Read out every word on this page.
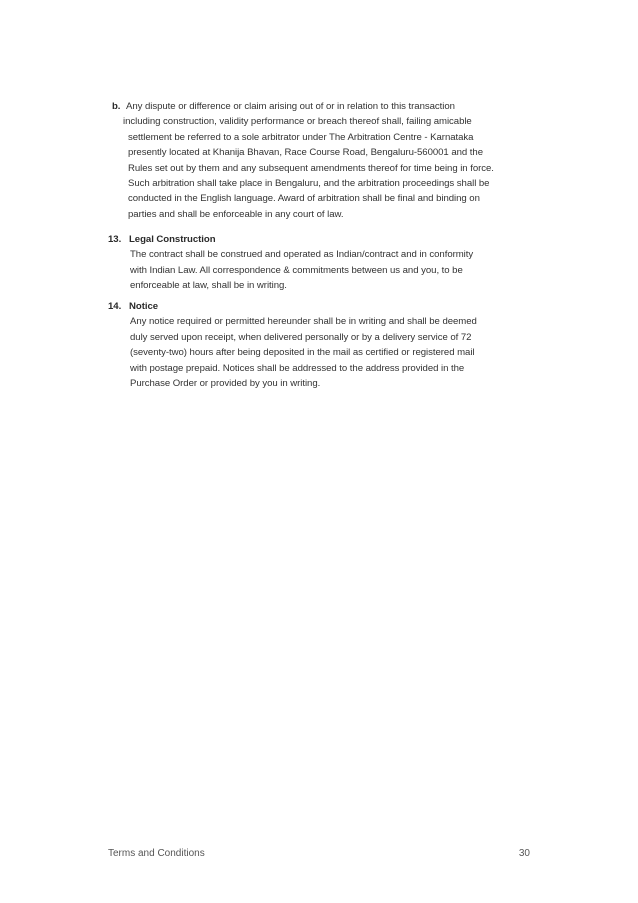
b. Any dispute or difference or claim arising out of or in relation to this transaction
including construction, validity performance or breach thereof shall, failing amicable
settlement be referred to a sole arbitrator under The Arbitration Centre - Karnataka
presently located at Khanija Bhavan, Race Course Road, Bengaluru-560001 and the
Rules set out by them and any subsequent amendments thereof for time being in force.
Such arbitration shall take place in Bengaluru, and the arbitration proceedings shall be
conducted in the English language. Award of arbitration shall be final and binding on
parties and shall be enforceable in any court of law.
13. Legal Construction
The contract shall be construed and operated as Indian/contract and in conformity
with Indian Law. All correspondence & commitments between us and you, to be
enforceable at law, shall be in writing.
14. Notice
Any notice required or permitted hereunder shall be in writing and shall be deemed
duly served upon receipt, when delivered personally or by a delivery service of 72
(seventy-two) hours after being deposited in the mail as certified or registered mail
with postage prepaid. Notices shall be addressed to the address provided in the
Purchase Order or provided by you in writing.
Terms and Conditions	30
